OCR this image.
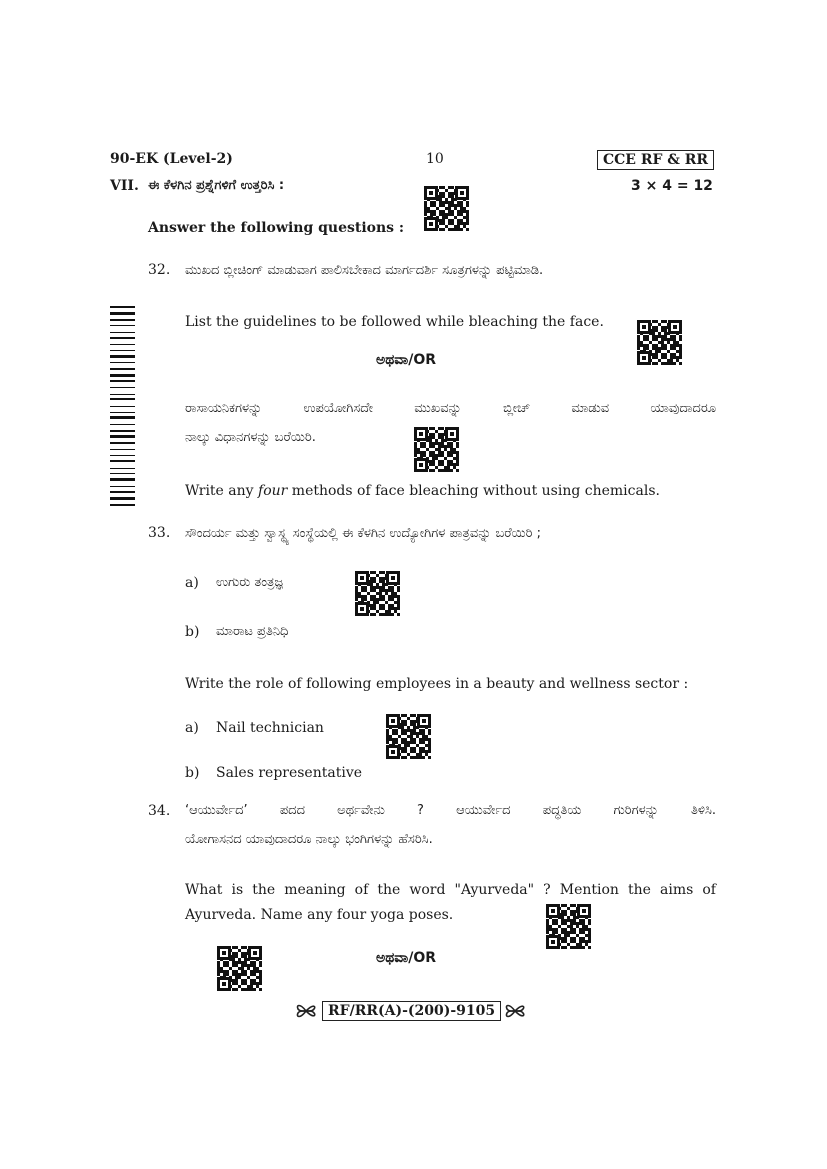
90-EK (Level-2)	10	CCE RF & RR
VII. ಈ ಕೆಳಗಿನ ಪ್ರಶ್ನೆಗಳಿಗೆ ಉತ್ತರಿಸಿ :	3 × 4 = 12
Answer the following questions :
32. ಮುಖದ ಬ್ಲೀಚಿಂಗ್ ಮಾಡುವಾಗ ಪಾಲಿಸಬೇಕಾದ ಮಾರ್ಗದರ್ಶಿ ಸೂತ್ರಗಳನ್ನು ಪಟ್ಟಿಮಾಡಿ.
List the guidelines to be followed while bleaching the face.
ಅಥವಾ/OR
ರಾಸಾಯನಿಕಗಳನ್ನು ಉಪಯೋಗಿಸದೇ ಮುಖವನ್ನು ಬ್ಲೀಚ್ ಮಾಡುವ ಯಾವುದಾದರೂ
ನಾಲ್ಕು ವಿಧಾನಗಳನ್ನು ಬರೆಯಿರಿ.
Write any four methods of face bleaching without using chemicals.
33. ಸೌಂದರ್ಯ ಮತ್ತು ಸ್ವಾಸ್ಥ್ಯ ಸಂಸ್ಥೆಯಲ್ಲಿ ಈ ಕೆಳಗಿನ ಉದ್ಯೋಗಿಗಳ ಪಾತ್ರವನ್ನು ಬರೆಯಿರಿ ;
a) ಉಗುರು ತಂತ್ರಜ್ಞ
b) ಮಾರಾಟ ಪ್ರತಿನಿಧಿ
Write the role of following employees in a beauty and wellness sector :
a) Nail technician
b) Sales representative
34. ‘ಆಯುರ್ವೇದ’ ಪದದ ಅರ್ಥವೇನು ? ಆಯುರ್ವೇದ ಪದ್ಧತಿಯ ಗುರಿಗಳನ್ನು ತಿಳಿಸಿ.
ಯೋಗಾಸನದ ಯಾವುದಾದರೂ ನಾಲ್ಕು ಭಂಗಿಗಳನ್ನು ಹೆಸರಿಸಿ.
What is the meaning of the word "Ayurveda" ? Mention the aims of
Ayurveda. Name any four yoga poses.
ಅಥವಾ/OR
RF/RR(A)-(200)-9105
